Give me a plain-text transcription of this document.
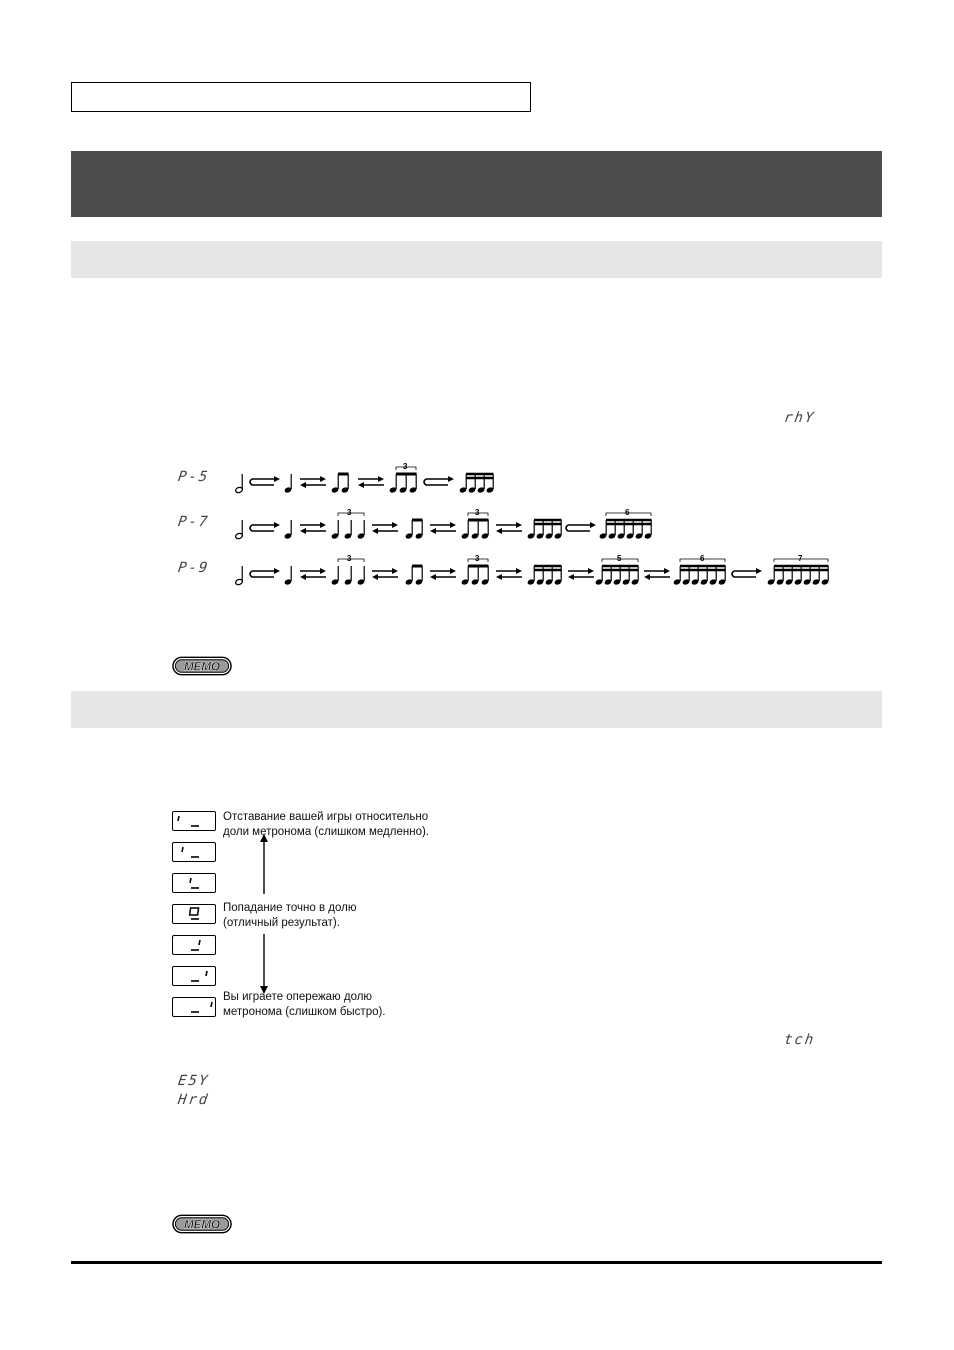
rhY
P-5
P-7
P-9
3
3	3	6
3	3	5	6	7
MEMO
Отставание вашей игры относительно
доли метронома (слишком медленно).
Попадание точно в долю
(отличный результат).
Вы играете опережаю долю
метронома (слишком быстро).
tch
E5Y
Hrd
MEMO
